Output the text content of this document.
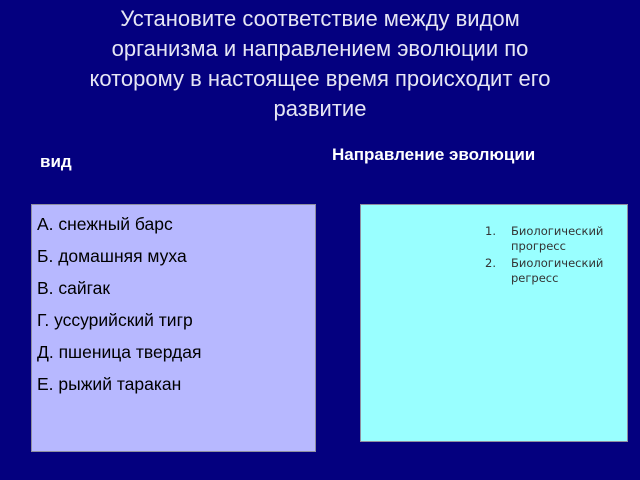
Установите соответствие между видом
организма и направлением эволюции по
которому в настоящее время происходит его
развитие
вид	Направление эволюции
А. снежный барс
Б. домашняя муха
В. сайгак
Г. уссурийский тигр
Д. пшеница твердая
Е. рыжий таракан
1.	Биологический
прогресс
2.	Биологический
регресс
